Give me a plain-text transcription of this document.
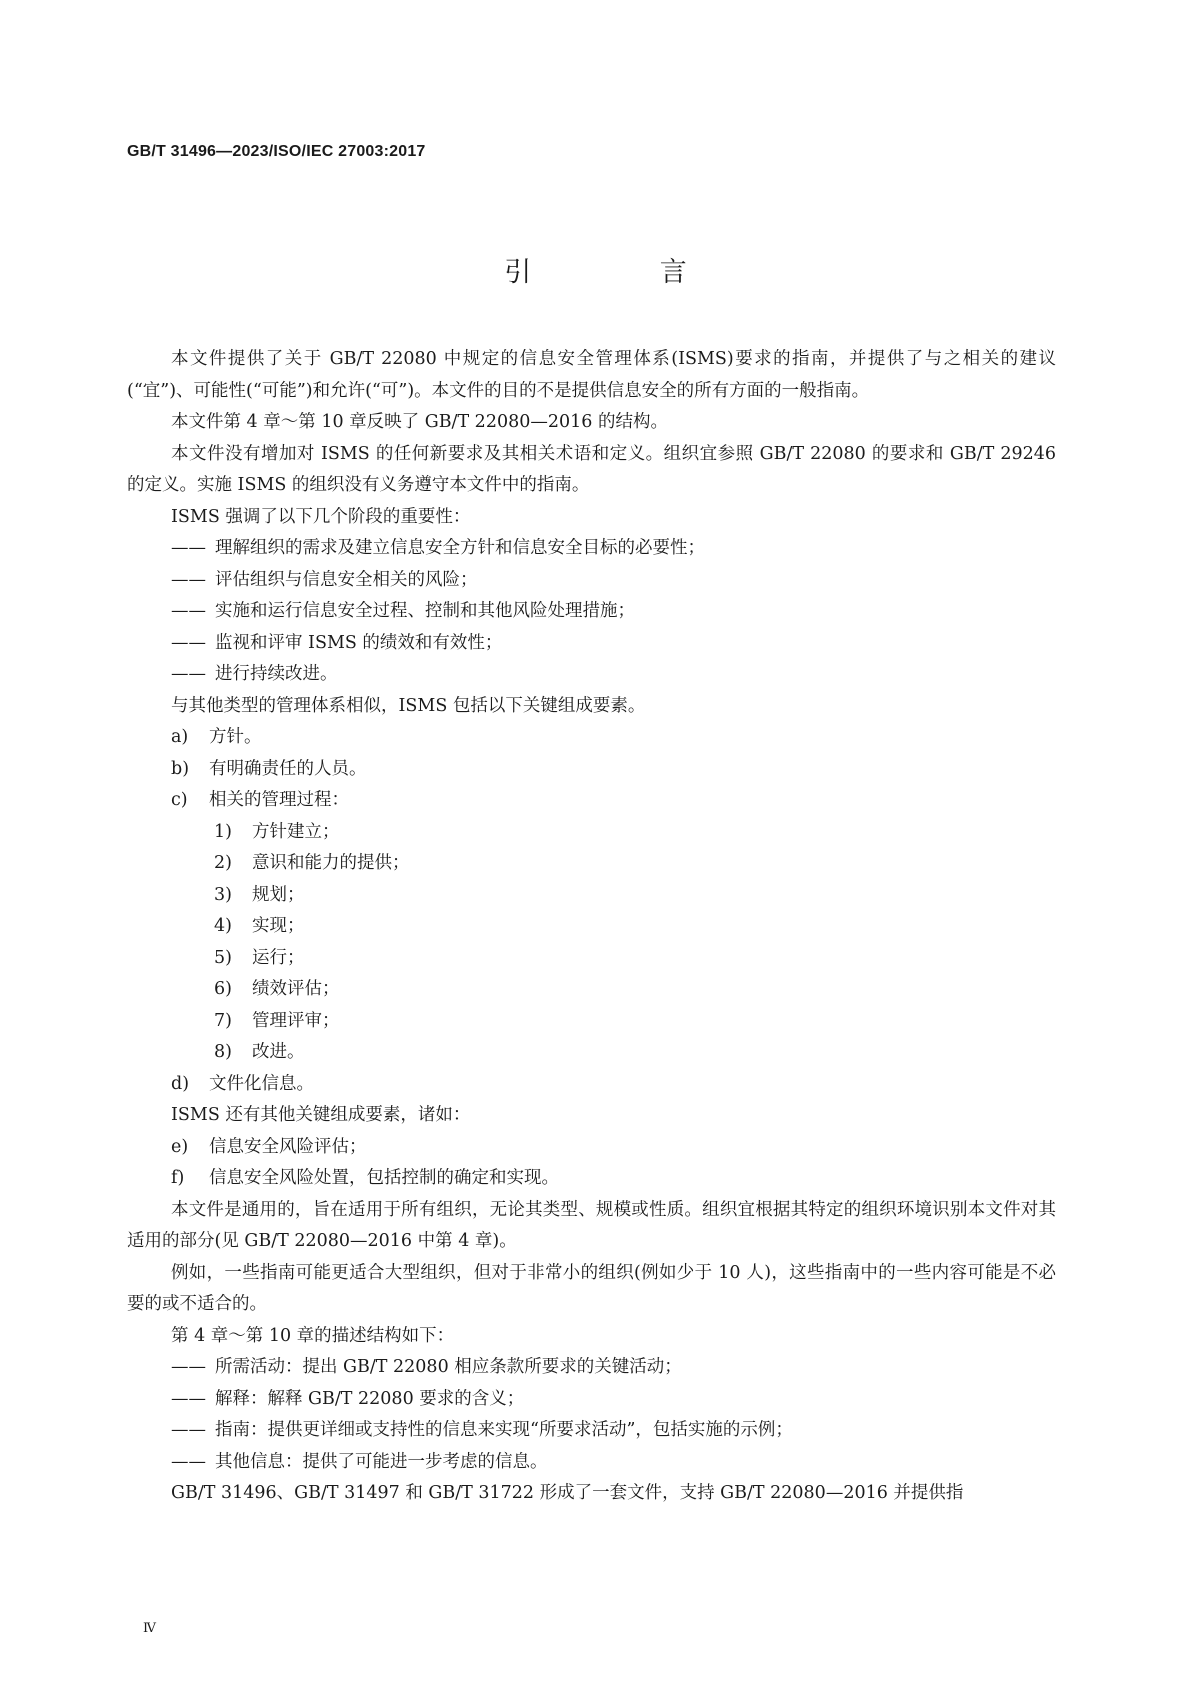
GB/T 31496—2023/ISO/IEC 27003:2017
引 言
本文件提供了关于 GB/T 22080 中规定的信息安全管理体系(ISMS)要求的指南，并提供了与之相关的建议(“宜”)、可能性(“可能”)和允许(“可”)。本文件的目的不是提供信息安全的所有方面的一般指南。
本文件第 4 章～第 10 章反映了 GB/T 22080—2016 的结构。
本文件没有增加对 ISMS 的任何新要求及其相关术语和定义。组织宜参照 GB/T 22080 的要求和 GB/T 29246 的定义。实施 ISMS 的组织没有义务遵守本文件中的指南。
ISMS 强调了以下几个阶段的重要性：
—— 理解组织的需求及建立信息安全方针和信息安全目标的必要性；
—— 评估组织与信息安全相关的风险；
—— 实施和运行信息安全过程、控制和其他风险处理措施；
—— 监视和评审 ISMS 的绩效和有效性；
—— 进行持续改进。
与其他类型的管理体系相似，ISMS 包括以下关键组成要素。
a) 方针。
b) 有明确责任的人员。
c) 相关的管理过程：
1) 方针建立；
2) 意识和能力的提供；
3) 规划；
4) 实现；
5) 运行；
6) 绩效评估；
7) 管理评审；
8) 改进。
d) 文件化信息。
ISMS 还有其他关键组成要素，诸如：
e) 信息安全风险评估；
f) 信息安全风险处置，包括控制的确定和实现。
本文件是通用的，旨在适用于所有组织，无论其类型、规模或性质。组织宜根据其特定的组织环境识别本文件对其适用的部分(见 GB/T 22080—2016 中第 4 章)。
例如，一些指南可能更适合大型组织，但对于非常小的组织(例如少于 10 人)，这些指南中的一些内容可能是不必要的或不适合的。
第 4 章～第 10 章的描述结构如下：
—— 所需活动：提出 GB/T 22080 相应条款所要求的关键活动；
—— 解释：解释 GB/T 22080 要求的含义；
—— 指南：提供更详细或支持性的信息来实现“所要求活动”，包括实施的示例；
—— 其他信息：提供了可能进一步考虑的信息。
GB/T 31496、GB/T 31497 和 GB/T 31722 形成了一套文件，支持 GB/T 22080—2016 并提供指
Ⅳ
